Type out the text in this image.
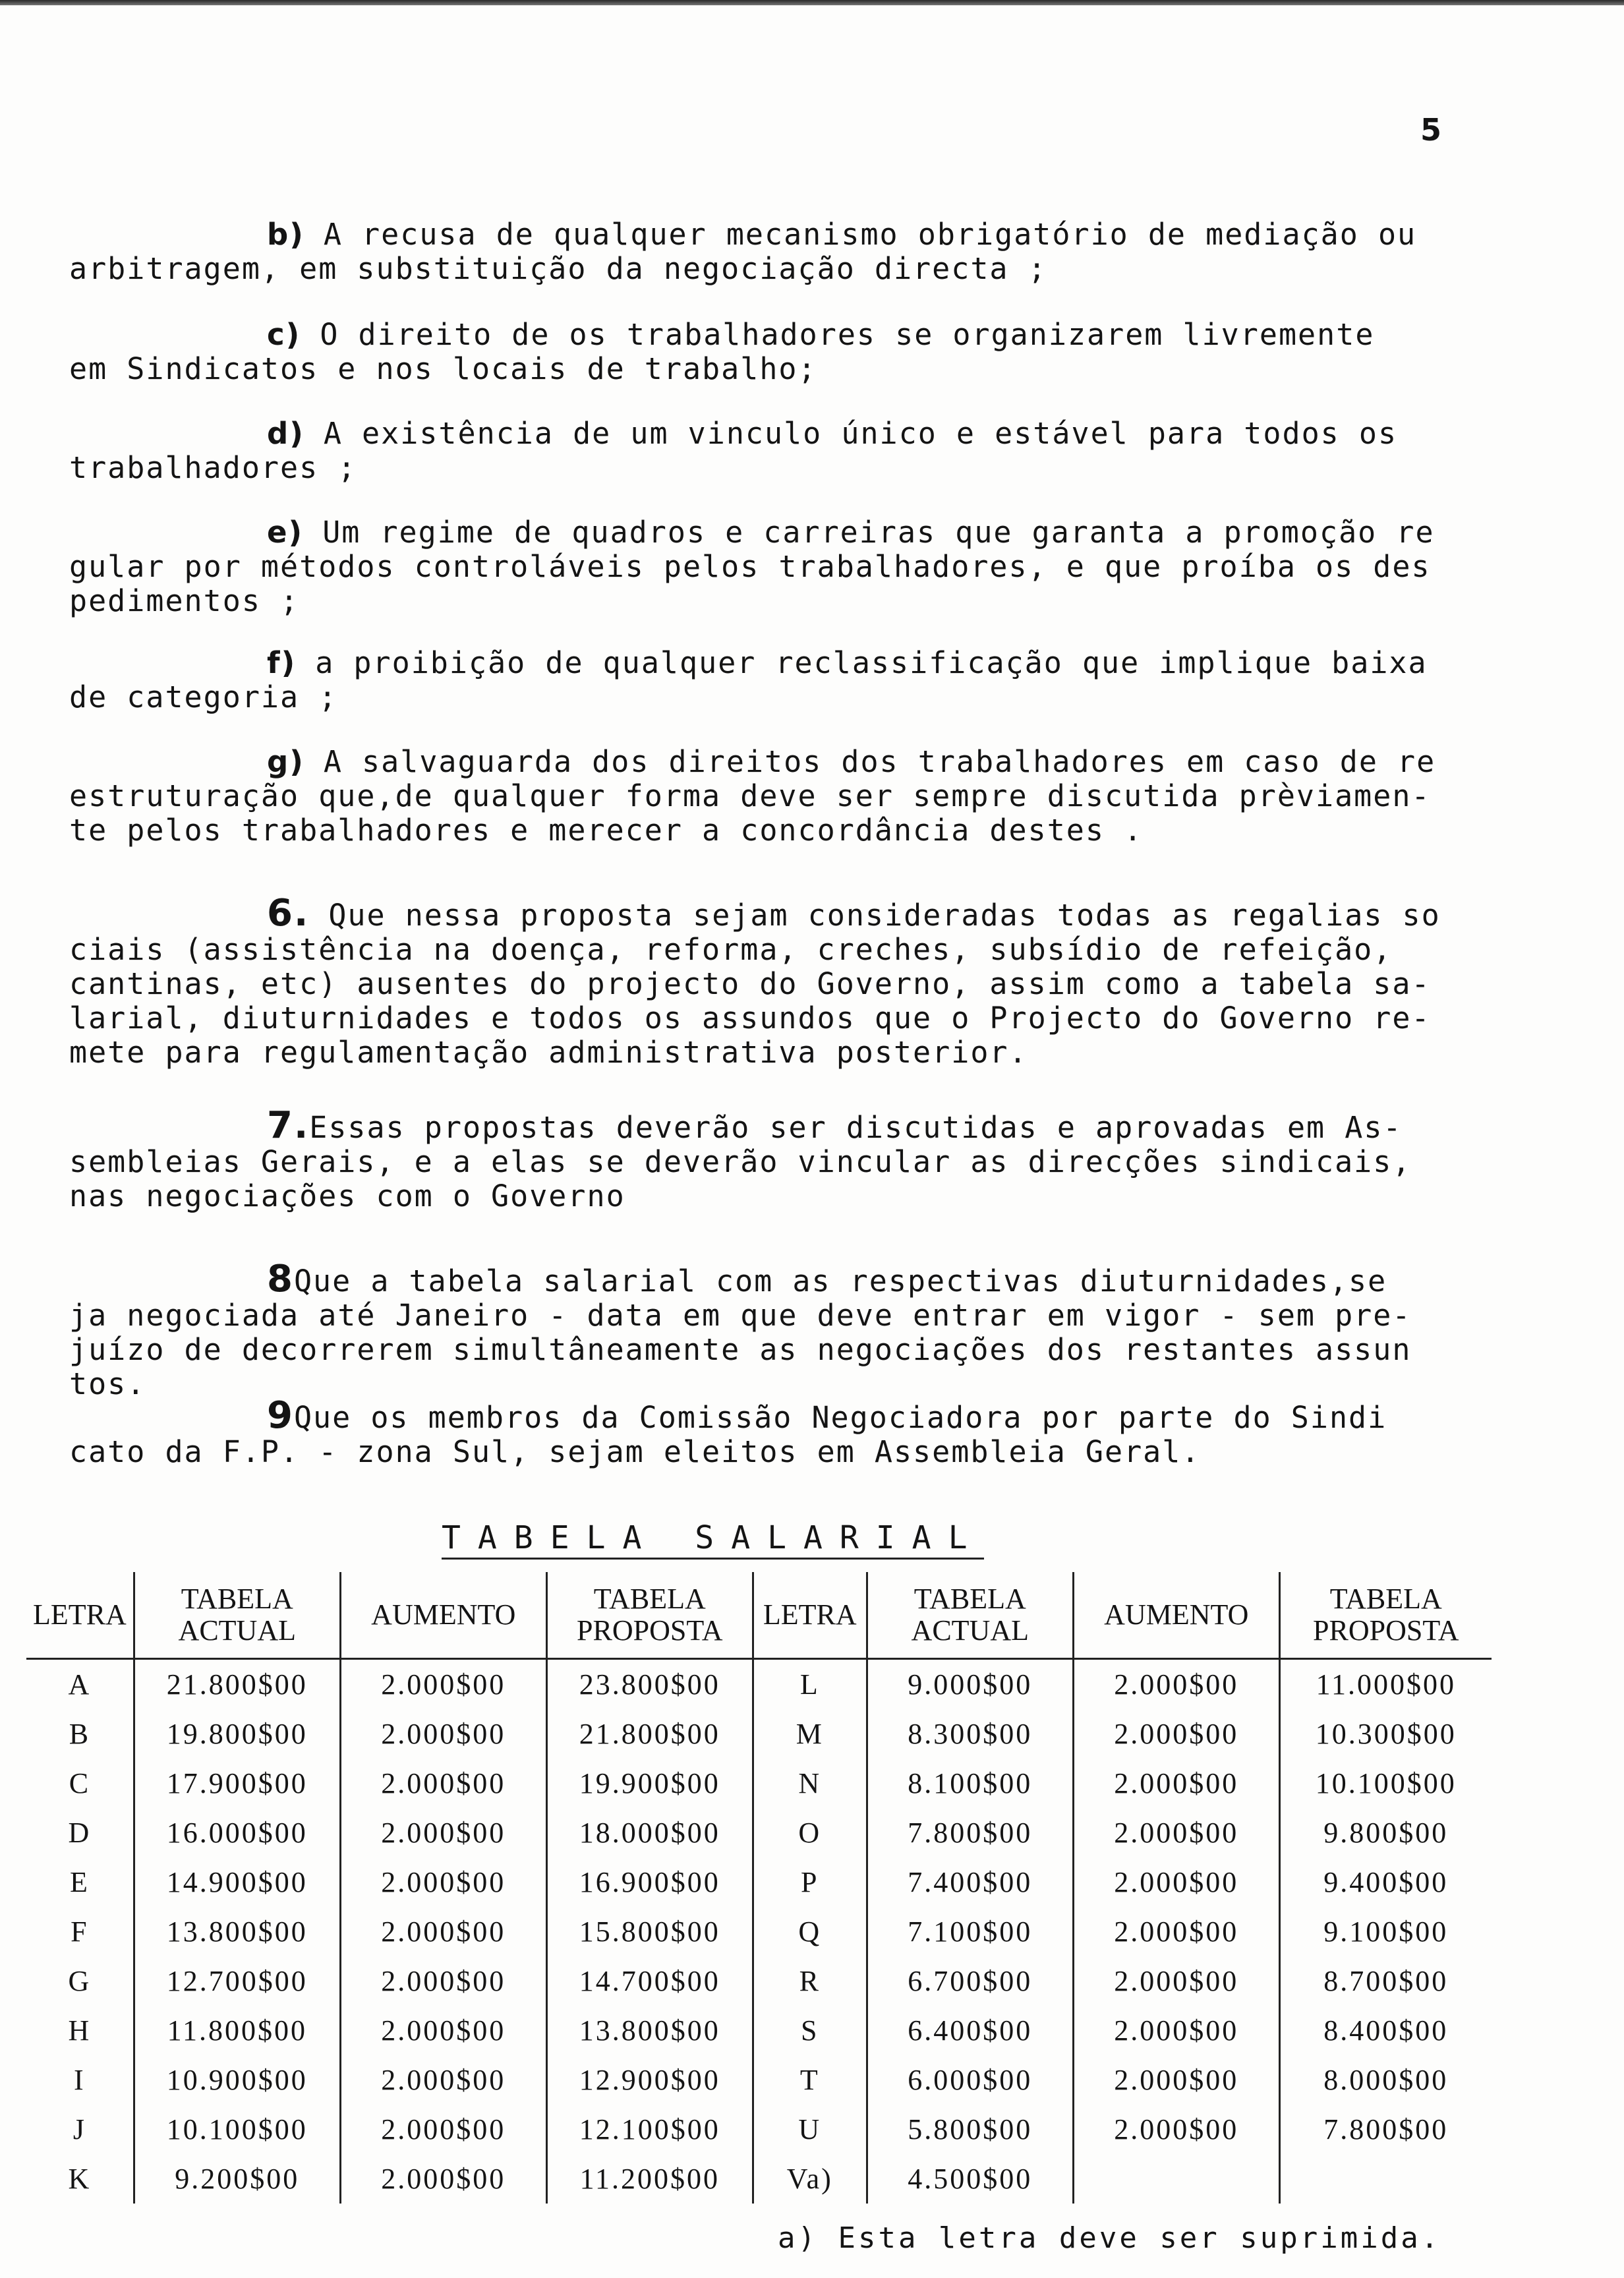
5
b) A recusa de qualquer mecanismo obrigatório de mediação ou
arbitragem, em substituição da negociação directa ;
c) O direito de os trabalhadores se organizarem livremente
em Sindicatos e nos locais de trabalho;
d) A existência de um vinculo único e estável para todos os
trabalhadores ;
e) Um regime de quadros e carreiras que garanta a promoção re
gular por métodos controláveis pelos trabalhadores, e que proíba os des
pedimentos ;
f) a proibição de qualquer reclassificação que implique baixa
de categoria ;
g) A salvaguarda dos direitos dos trabalhadores em caso de re
estruturação que,de qualquer forma deve ser sempre discutida prèviamen-
te pelos trabalhadores e merecer a concordância destes .
6. Que nessa proposta sejam consideradas todas as regalias so
ciais (assistência na doença, reforma, creches, subsídio de refeição,
cantinas, etc) ausentes do projecto do Governo, assim como a tabela sa-
larial, diuturnidades e todos os assundos que o Projecto do Governo re-
mete para regulamentação administrativa posterior.
7.Essas propostas deverão ser discutidas e aprovadas em As-
sembleias Gerais, e a elas se deverão vincular as direcções sindicais,
nas negociações com o Governo
8Que a tabela salarial com as respectivas diuturnidades,se
ja negociada até Janeiro - data em que deve entrar em vigor - sem pre-
juízo de decorrerem simultâneamente as negociações dos restantes assun
tos.
9Que os membros da Comissão Negociadora por parte do Sindi
cato da F.P. - zona Sul, sejam eleitos em Assembleia Geral.
TABELA SALARIAL
LETRA	TABELA ACTUAL	AUMENTO	TABELA PROPOSTA	LETRA	TABELA ACTUAL	AUMENTO	TABELA PROPOSTA
A	21.800$00	2.000$00	23.800$00	L	9.000$00	2.000$00	11.000$00
B	19.800$00	2.000$00	21.800$00	M	8.300$00	2.000$00	10.300$00
C	17.900$00	2.000$00	19.900$00	N	8.100$00	2.000$00	10.100$00
D	16.000$00	2.000$00	18.000$00	O	7.800$00	2.000$00	9.800$00
E	14.900$00	2.000$00	16.900$00	P	7.400$00	2.000$00	9.400$00
F	13.800$00	2.000$00	15.800$00	Q	7.100$00	2.000$00	9.100$00
G	12.700$00	2.000$00	14.700$00	R	6.700$00	2.000$00	8.700$00
H	11.800$00	2.000$00	13.800$00	S	6.400$00	2.000$00	8.400$00
I	10.900$00	2.000$00	12.900$00	T	6.000$00	2.000$00	8.000$00
J	10.100$00	2.000$00	12.100$00	U	5.800$00	2.000$00	7.800$00
K	9.200$00	2.000$00	11.200$00	Va)	4.500$00		
a) Esta letra deve ser suprimida.
